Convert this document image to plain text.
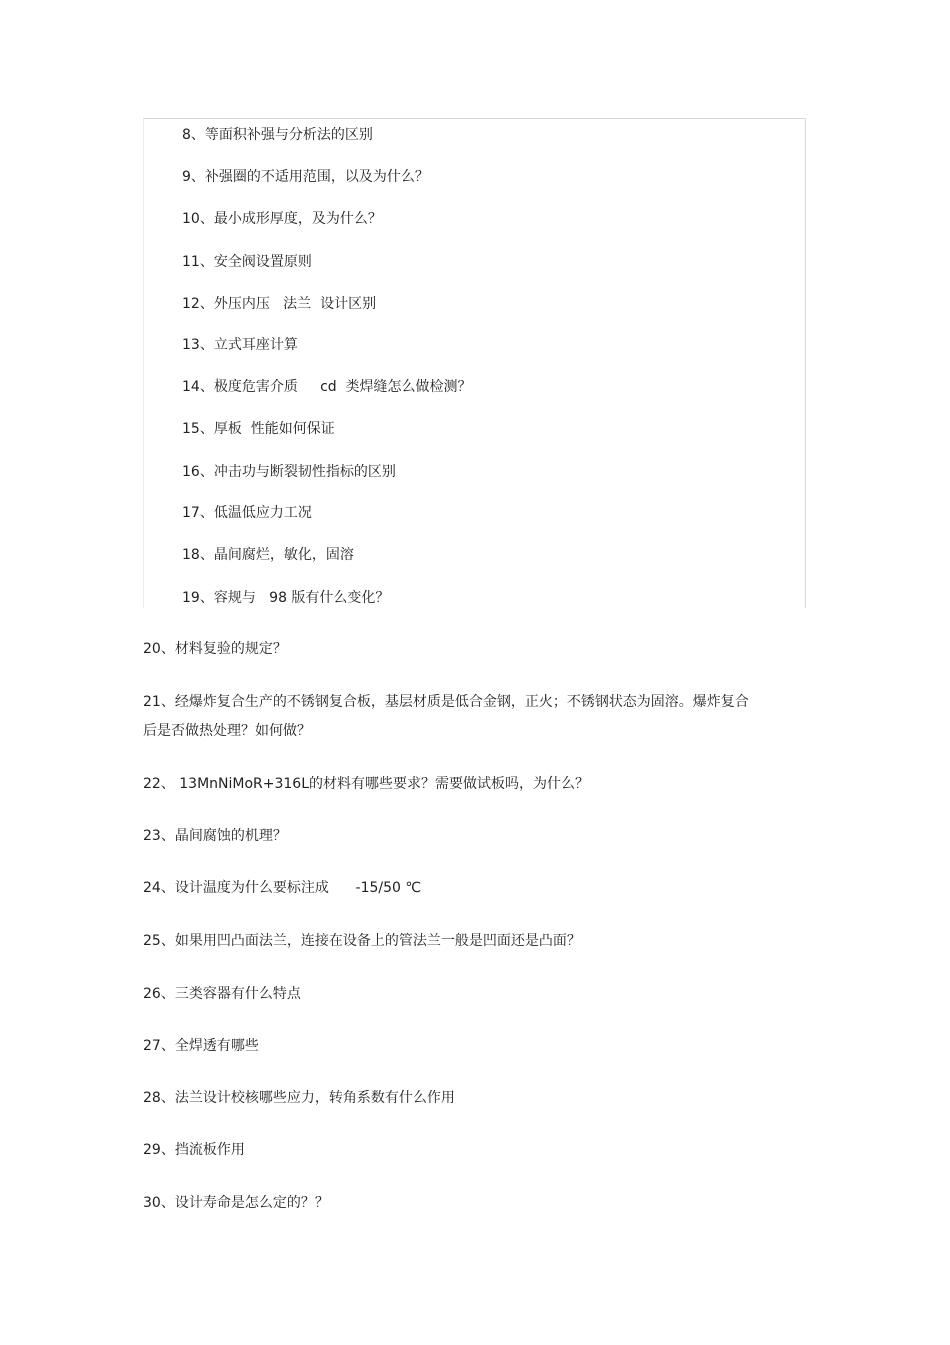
8、等面积补强与分析法的区别

9、补强圈的不适用范围，以及为什么？

10、最小成形厚度，及为什么？

11、安全阀设置原则

12、外压内压   法兰  设计区别

13、立式耳座计算

14、极度危害介质     cd  类焊缝怎么做检测？

15、厚板  性能如何保证

16、冲击功与断裂韧性指标的区别

17、低温低应力工况

18、晶间腐烂，敏化，固溶

19、容规与   98 版有什么变化？

20、材料复验的规定？

21、经爆炸复合生产的不锈钢复合板，基层材质是低合金钢，正火；不锈钢状态为固溶。爆炸复合后是否做热处理？如何做？

22、 13MnNiMoR+316L的材料有哪些要求？需要做试板吗，为什么？

23、晶间腐蚀的机理？

24、设计温度为什么要标注成      -15/50 ℃

25、如果用凹凸面法兰，连接在设备上的管法兰一般是凹面还是凸面？

26、三类容器有什么特点

27、全焊透有哪些

28、法兰设计校核哪些应力，转角系数有什么作用

29、挡流板作用

30、设计寿命是怎么定的？？
